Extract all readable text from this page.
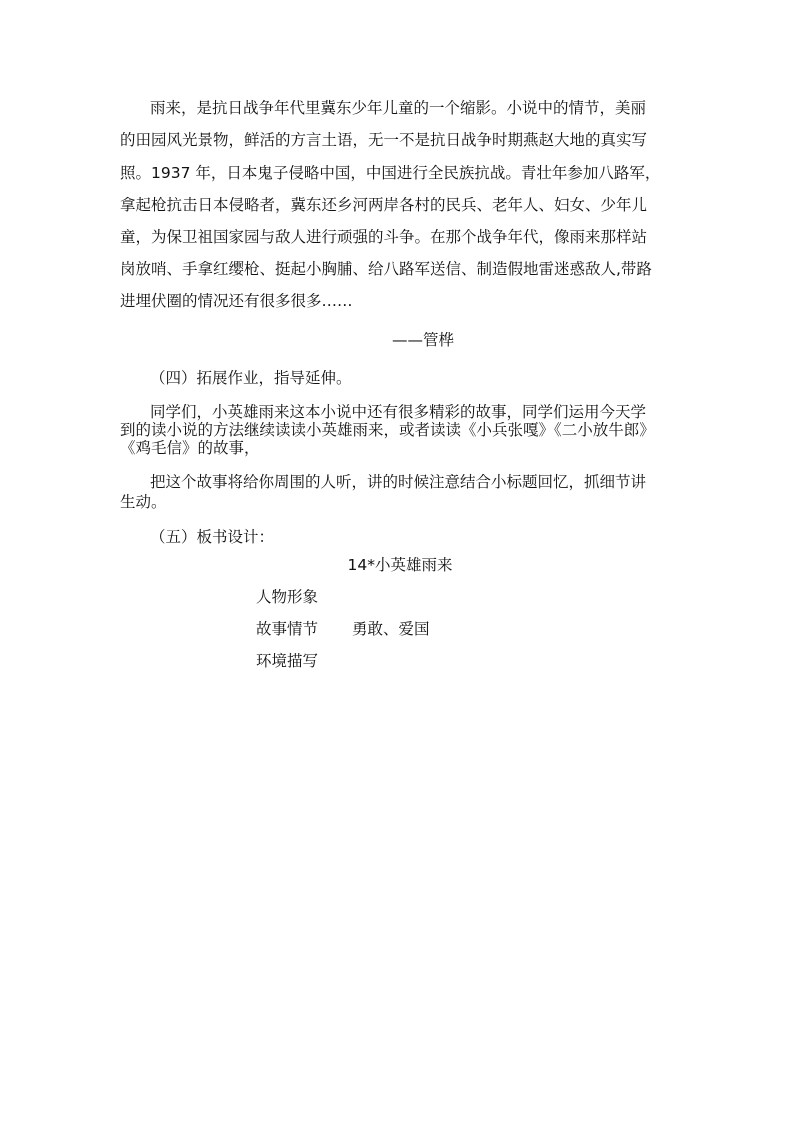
雨来，是抗日战争年代里冀东少年儿童的一个缩影。小说中的情节，美丽
的田园风光景物，鲜活的方言土语，无一不是抗日战争时期燕赵大地的真实写
照。1937 年，日本鬼子侵略中国，中国进行全民族抗战。青壮年参加八路军，
拿起枪抗击日本侵略者，冀东还乡河两岸各村的民兵、老年人、妇女、少年儿
童，为保卫祖国家园与敌人进行顽强的斗争。在那个战争年代，像雨来那样站
岗放哨、手拿红缨枪、挺起小胸脯、给八路军送信、制造假地雷迷惑敌人,带路
进埋伏圈的情况还有很多很多……
——管桦
（四）拓展作业，指导延伸。
同学们，小英雄雨来这本小说中还有很多精彩的故事，同学们运用今天学
到的读小说的方法继续读读小英雄雨来，或者读读《小兵张嘎》《二小放牛郎》
《鸡毛信》的故事，
把这个故事将给你周围的人听，讲的时候注意结合小标题回忆，抓细节讲
生动。
（五）板书设计：
14*小英雄雨来
人物形象
故事情节 勇敢、爱国
环境描写
